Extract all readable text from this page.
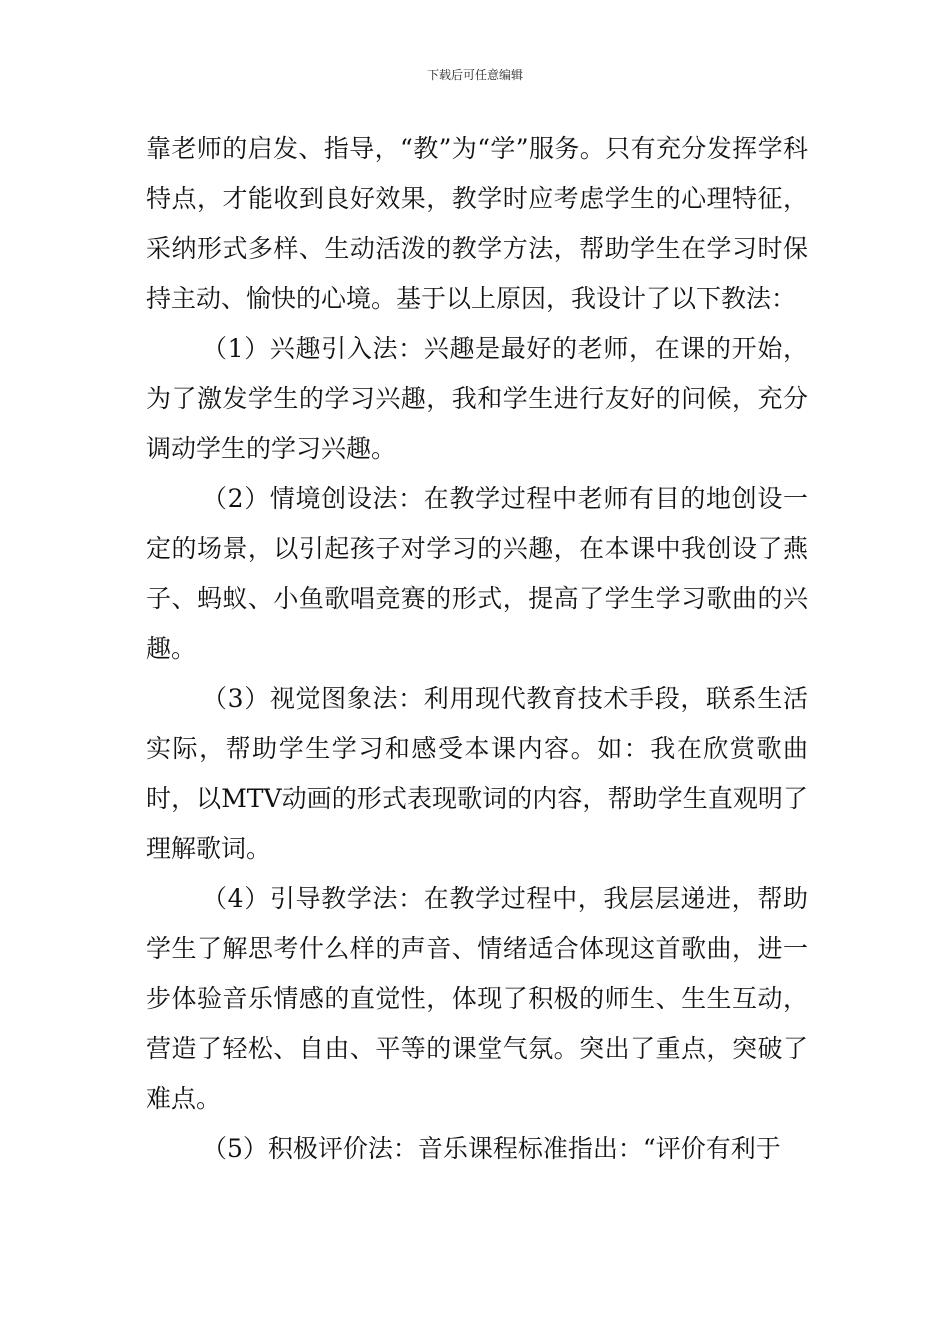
下载后可任意编辑

靠老师的启发、指导，“教”为“学”服务。只有充分发挥学科特点，才能收到良好效果，教学时应考虑学生的心理特征，采纳形式多样、生动活泼的教学方法，帮助学生在学习时保持主动、愉快的心境。基于以上原因，我设计了以下教法：

（1）兴趣引入法：兴趣是最好的老师，在课的开始，为了激发学生的学习兴趣，我和学生进行友好的问候，充分调动学生的学习兴趣。

（2）情境创设法：在教学过程中老师有目的地创设一定的场景，以引起孩子对学习的兴趣，在本课中我创设了燕子、蚂蚁、小鱼歌唱竞赛的形式，提高了学生学习歌曲的兴趣。

（3）视觉图象法：利用现代教育技术手段，联系生活实际，帮助学生学习和感受本课内容。如：我在欣赏歌曲时，以MTV动画的形式表现歌词的内容，帮助学生直观明了理解歌词。

（4）引导教学法：在教学过程中，我层层递进，帮助学生了解思考什么样的声音、情绪适合体现这首歌曲，进一步体验音乐情感的直觉性，体现了积极的师生、生生互动，营造了轻松、自由、平等的课堂气氛。突出了重点，突破了难点。

（5）积极评价法：音乐课程标准指出：“评价有利于
